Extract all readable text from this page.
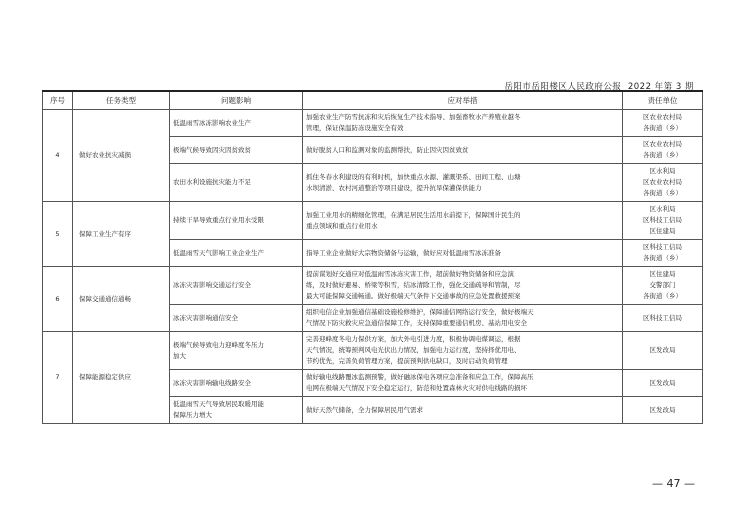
岳阳市岳阳楼区人民政府公报 2022 年第 3 期
序号	任务类型	问题影响	应对举措	责任单位
4	做好农业抗灾减损	低温雨雪冰冻影响农业生产	加强农业生产防雪抗冻和灾后恢复生产技术指导、加强畜牧水产养殖业越冬
管理，保证保温防冻设施安全有效	区农业农村局
各街道（乡）

		极端气候导致因灾因贫致贫	做好脱贫人口和监测对象的监测帮扶，防止因灾因贫致贫	区农业农村局
各街道（乡）

		农田水利设施抗灾能力不足	抓住冬春水利建设的有利时机，加快重点水源、灌溉渠系、田间工程、山塘
水坝清淤、农村河道整治等项目建设，提升抗旱保灌保供能力	区水利局
区农业农村局
各街道（乡）

5	保障工业生产有序	持续干旱导致重点行业用水受限	加强工业用水的精细化管理，在满足居民生活用水前提下，保障国计民生的
重点领域和重点行业用水	区水利局
区科技工信局
区住建局

		低温雨雪天气影响工业企业生产	指导工业企业做好大宗物资储备与运输，做好应对低温雨雪冰冻准备	区科技工信局
各街道（乡）

6	保障交通通信通畅	冰冻灾害影响交通运行安全	提前谋划好交通应对低温雨雪冰冻灾害工作，超前做好物资储备和应急演
练，及时做好避易、桥梁等积雪，结冰清除工作，强化交通疏导和管制，尽
最大可能保障交通畅通。做好极端天气条件下交通事故的应急处置救援预案	区住建局
交警部门
各街道（乡）

		冰冻灾害影响通信安全	组织电信企业加强通信基础设施检修维护，保障通信网络运行安全，做好极端天
气情况下防灾救灾应急通信保障工作，支持保障重要通信机房、基站用电安全	区科技工信局

7	保障能源稳定供应	极端气候导致电力迎峰度冬压力
加大	完善迎峰度冬电力保供方案，加大外电引进力度，积极协调电煤调运，根据
天气情况，统筹预判风电光伏出力情况，加强电力运行度，坚持择优用电、
节约优先，完善负荷管理方案，提前预判供电缺口，及时启动负荷管理	区发改局

		冰冻灾害影响输电线路安全	做好输电线路覆冰监测预警，做好融冰保电各项应急准备和应急工作，保障高压
电网在极端天气情况下安全稳定运行，防范和处置森林火灾对供电线路的损坏	区发改局

		低温雨雪天气导致居民取暖用能
保障压力增大	做好天然气储备，全力保障居民用气需求	区发改局
— 47 —
